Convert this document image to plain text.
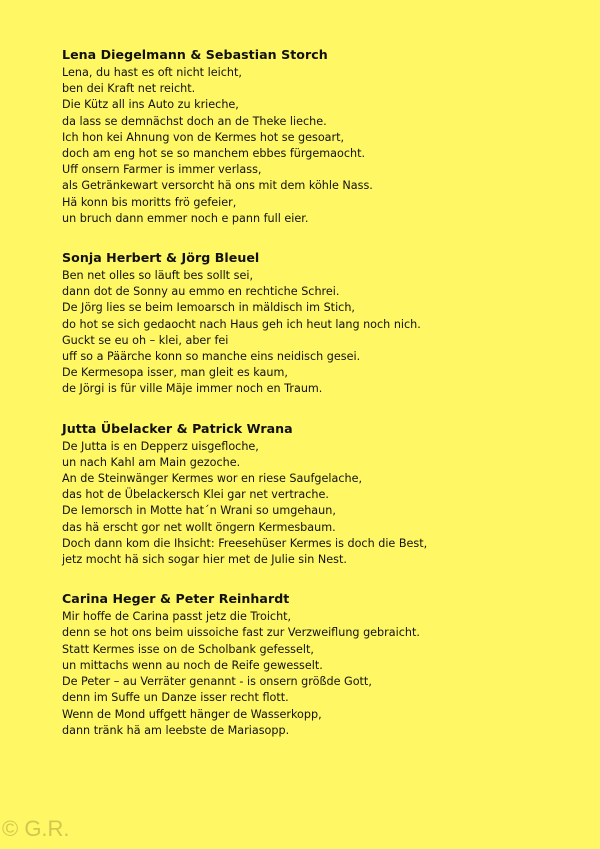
Lena Diegelmann & Sebastian Storch
Lena, du hast es oft nicht leicht,
ben dei Kraft net reicht.
Die Kütz all ins Auto zu krieche,
da lass se demnächst doch an de Theke lieche.
Ich hon kei Ahnung von de Kermes hot se gesoart,
doch am eng hot se so manchem ebbes fürgemaocht.
Uff onsern Farmer is immer verlass,
als Getränkewart versorcht hä ons mit dem köhle Nass.
Hä konn bis moritts frö gefeier,
un bruch dann emmer noch e pann full eier.
Sonja Herbert & Jörg Bleuel
Ben net olles so läuft bes sollt sei,
dann dot de Sonny au emmo en rechtiche Schrei.
De Jörg lies se beim Iemoarsch in mäldisch im Stich,
do hot se sich gedaocht nach Haus geh ich heut lang noch nich.
Guckt se eu oh – klei, aber fei
uff so a Päärche konn so manche eins neidisch gesei.
De Kermesopa isser, man gleit es kaum,
de Jörgi is für ville Mäje immer noch en Traum.
Jutta Übelacker & Patrick Wrana
De Jutta is en Depperz uisgefloche,
un nach Kahl am Main gezoche.
An de Steinwänger Kermes wor en riese Saufgelache,
das hot de Übelackersch Klei gar net vertrache.
De Iemorsch in Motte hat´n Wrani so umgehaun,
das hä erscht gor net wollt öngern Kermesbaum.
Doch dann kom die Ihsicht: Freesehüser Kermes is doch die Best,
jetz mocht hä sich sogar hier met de Julie sin Nest.
Carina Heger & Peter Reinhardt
Mir hoffe de Carina passt jetz die Troicht,
denn se hot ons beim uissoiche fast zur Verzweiflung gebraicht.
Statt Kermes isse on de Scholbank gefesselt,
un mittachs wenn au noch de Reife gewesselt.
De Peter – au Verräter genannt - is onsern größde Gott,
denn im Suffe un Danze isser recht flott.
Wenn de Mond uffgett hänger de Wasserkopp,
dann tränk hä am leebste de Mariasopp.
© G.R.
